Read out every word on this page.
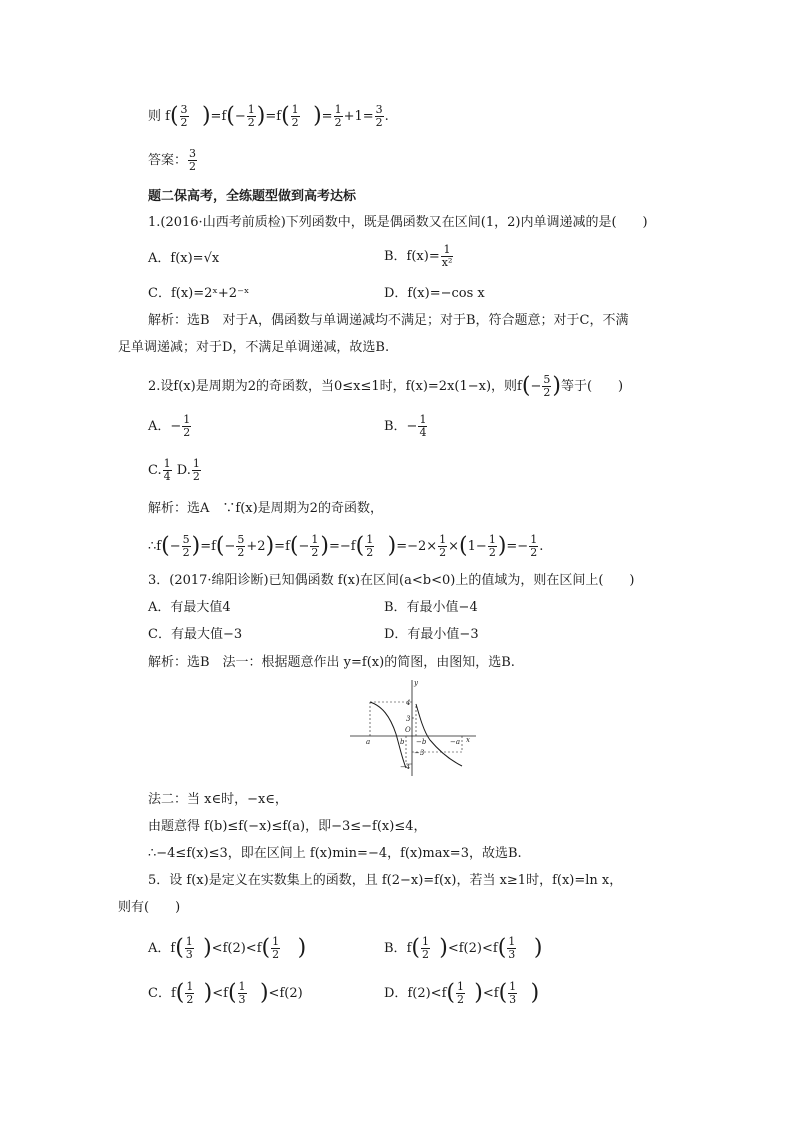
则 $f( \frac{3}{2} )=f(- \frac{1}{2} )=f( \frac{1}{2}$ )= $\frac{1}{2} +1= \frac{3}{2}$ .
答案： $\frac{3}{2}$
题二保高考，全练题型做到高考达标
1.(2016·山西考前质检)下列函数中，既是偶函数又在区间(1，2)内单调递减的是(　　)
A．f(x)=√x	B．$f(x)= \frac{1}{\text{x²}}$
C．f(x)=2ˣ+2⁻ˣ	D．f(x)=−cos x
解析：选B　对于A，偶函数与单调递减均不满足；对于B，符合题意；对于C，不满
足单调递减；对于D，不满足单调递减，故选B.
2.设f(x)是周期为2的奇函数，当0≤x≤1时，f(x)=2x(1−x)，则$f(- \frac{5}{2}$ )等于(　　)
A．− $\frac{1}{2}$	B．− $\frac{1}{4}$
C. $\frac{1}{4} D$. $\frac{1}{2}$
解析：选A　∵f(x)是周期为2的奇函数，
∴f(− $\frac{5}{2} )=f(- \frac{5}{2} +2)=f(- \frac{1}{2} )=-f( \frac{1}{2} )=-2\times \frac{1}{2} \times(1- \frac{1}{2}$ )=− $\frac{1}{2}$ .
3．(2017·绵阳诊断)已知偶函数 f(x)在区间(a<b<0)上的值域为，则在区间上(　　)
A．有最大值4	B．有最小值−4
C．有最大值−3	D．有最小值−3
解析：选B　法一：根据题意作出 y=f(x)的简图，由图知，选B.
y
x
O
a	b −b	−a
4
3
−3
−4
法二：当 x∈时，−x∈，
由题意得 f(b)≤f(−x)≤f(a)，即−3≤−f(x)≤4，
∴−4≤f(x)≤3，即在区间上 f(x)min=−4，f(x)max=3，故选B.
5．设 f(x)是定义在实数集上的函数，且 f(2−x)=f(x)，若当 x≥1时，f(x)=ln x，
则有(　　)
A．$f( \frac{1}{3} )<f(2)<f( \frac{1}{2}$ )	B．$f( \frac{1}{2} )<f(2)<f( \frac{1}{3}$ )
C．$f( \frac{1}{2} )<f( \frac{1}{3} )<f(2)$	D．$f(2)<f( \frac{1}{2} )<f( \frac{1}{3}$ )
